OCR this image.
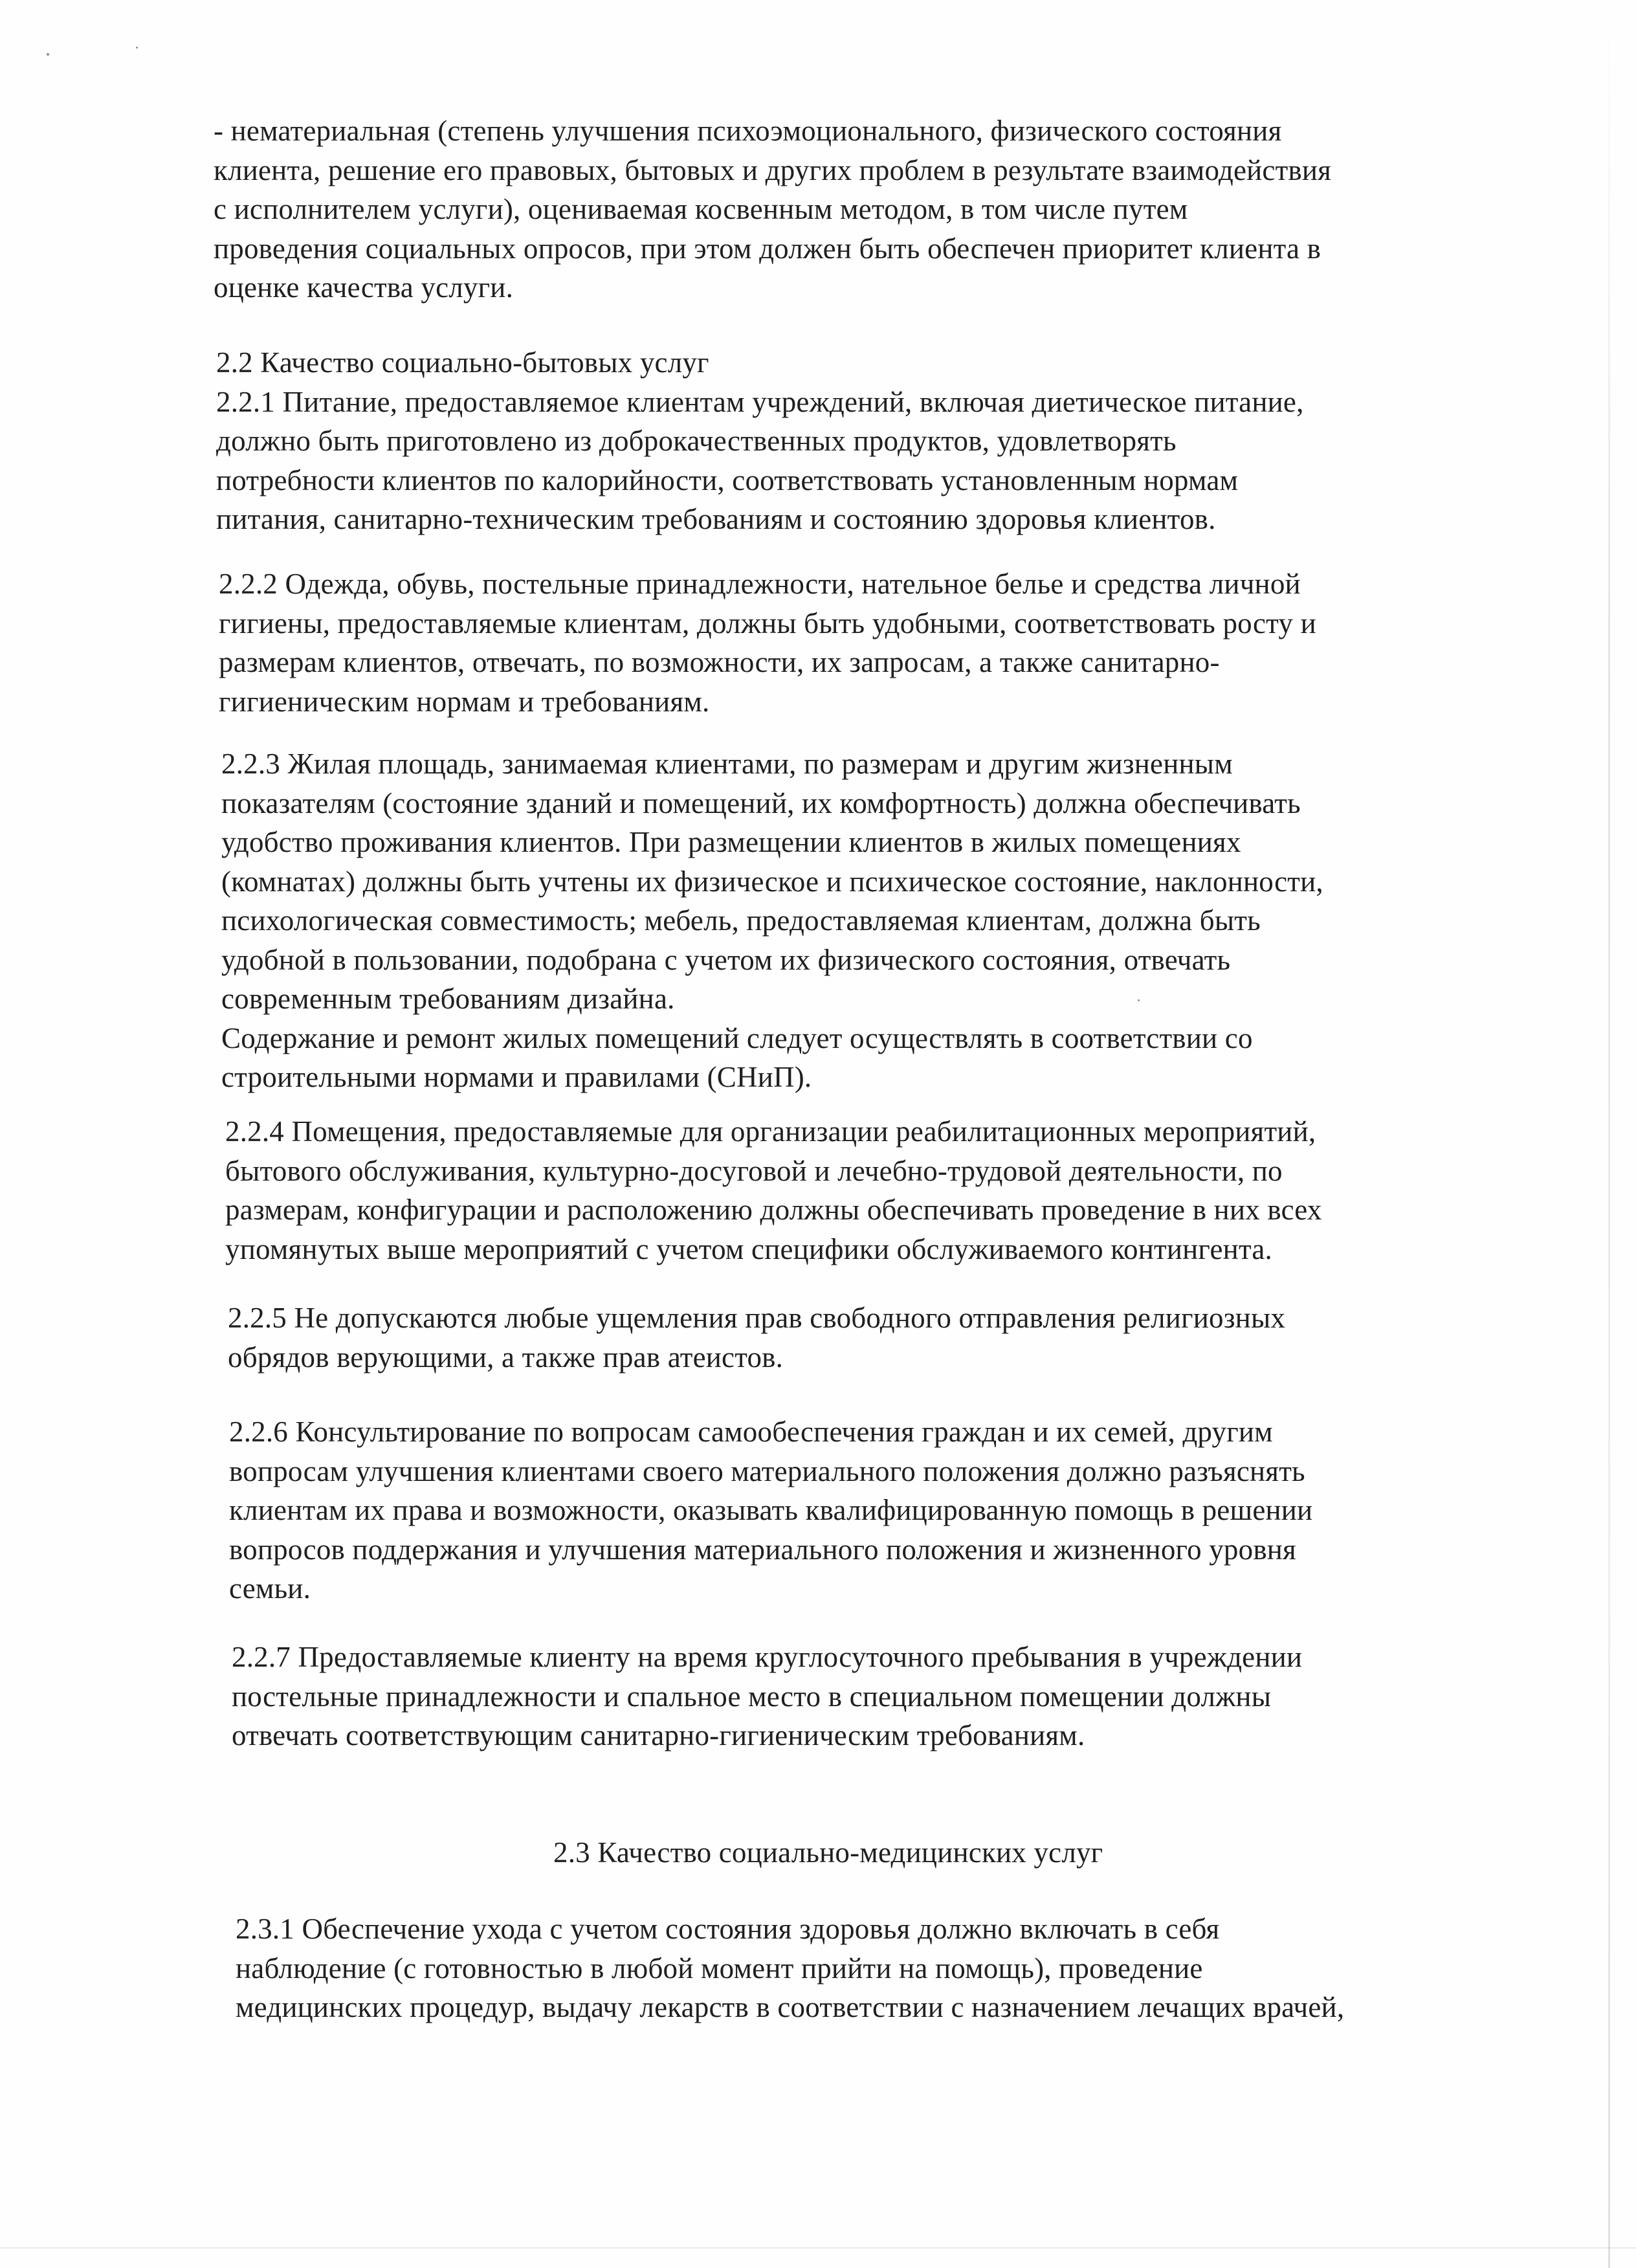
- нематериальная (степень улучшения психоэмоционального, физического состояния
клиента, решение его правовых, бытовых и других проблем в результате взаимодействия
с исполнителем услуги), оцениваемая косвенным методом, в том числе путем
проведения социальных опросов, при этом должен быть обеспечен приоритет клиента в
оценке качества услуги.
2.2 Качество социально-бытовых услуг
2.2.1 Питание, предоставляемое клиентам учреждений, включая диетическое питание,
должно быть приготовлено из доброкачественных продуктов, удовлетворять
потребности клиентов по калорийности, соответствовать установленным нормам
питания, санитарно-техническим требованиям и состоянию здоровья клиентов.
2.2.2 Одежда, обувь, постельные принадлежности, нательное белье и средства личной
гигиены, предоставляемые клиентам, должны быть удобными, соответствовать росту и
размерам клиентов, отвечать, по возможности, их запросам, а также санитарно-
гигиеническим нормам и требованиям.
2.2.3 Жилая площадь, занимаемая клиентами, по размерам и другим жизненным
показателям (состояние зданий и помещений, их комфортность) должна обеспечивать
удобство проживания клиентов. При размещении клиентов в жилых помещениях
(комнатах) должны быть учтены их физическое и психическое состояние, наклонности,
психологическая совместимость; мебель, предоставляемая клиентам, должна быть
удобной в пользовании, подобрана с учетом их физического состояния, отвечать
современным требованиям дизайна.
Содержание и ремонт жилых помещений следует осуществлять в соответствии со
строительными нормами и правилами (СНиП).
2.2.4 Помещения, предоставляемые для организации реабилитационных мероприятий,
бытового обслуживания, культурно-досуговой и лечебно-трудовой деятельности, по
размерам, конфигурации и расположению должны обеспечивать проведение в них всех
упомянутых выше мероприятий с учетом специфики обслуживаемого контингента.
2.2.5 Не допускаются любые ущемления прав свободного отправления религиозных
обрядов верующими, а также прав атеистов.
2.2.6 Консультирование по вопросам самообеспечения граждан и их семей, другим
вопросам улучшения клиентами своего материального положения должно разъяснять
клиентам их права и возможности, оказывать квалифицированную помощь в решении
вопросов поддержания и улучшения материального положения и жизненного уровня
семьи.
2.2.7 Предоставляемые клиенту на время круглосуточного пребывания в учреждении
постельные принадлежности и спальное место в специальном помещении должны
отвечать соответствующим санитарно-гигиеническим требованиям.
2.3 Качество социально-медицинских услуг
2.3.1 Обеспечение ухода с учетом состояния здоровья должно включать в себя
наблюдение (с готовностью в любой момент прийти на помощь), проведение
медицинских процедур, выдачу лекарств в соответствии с назначением лечащих врачей,
